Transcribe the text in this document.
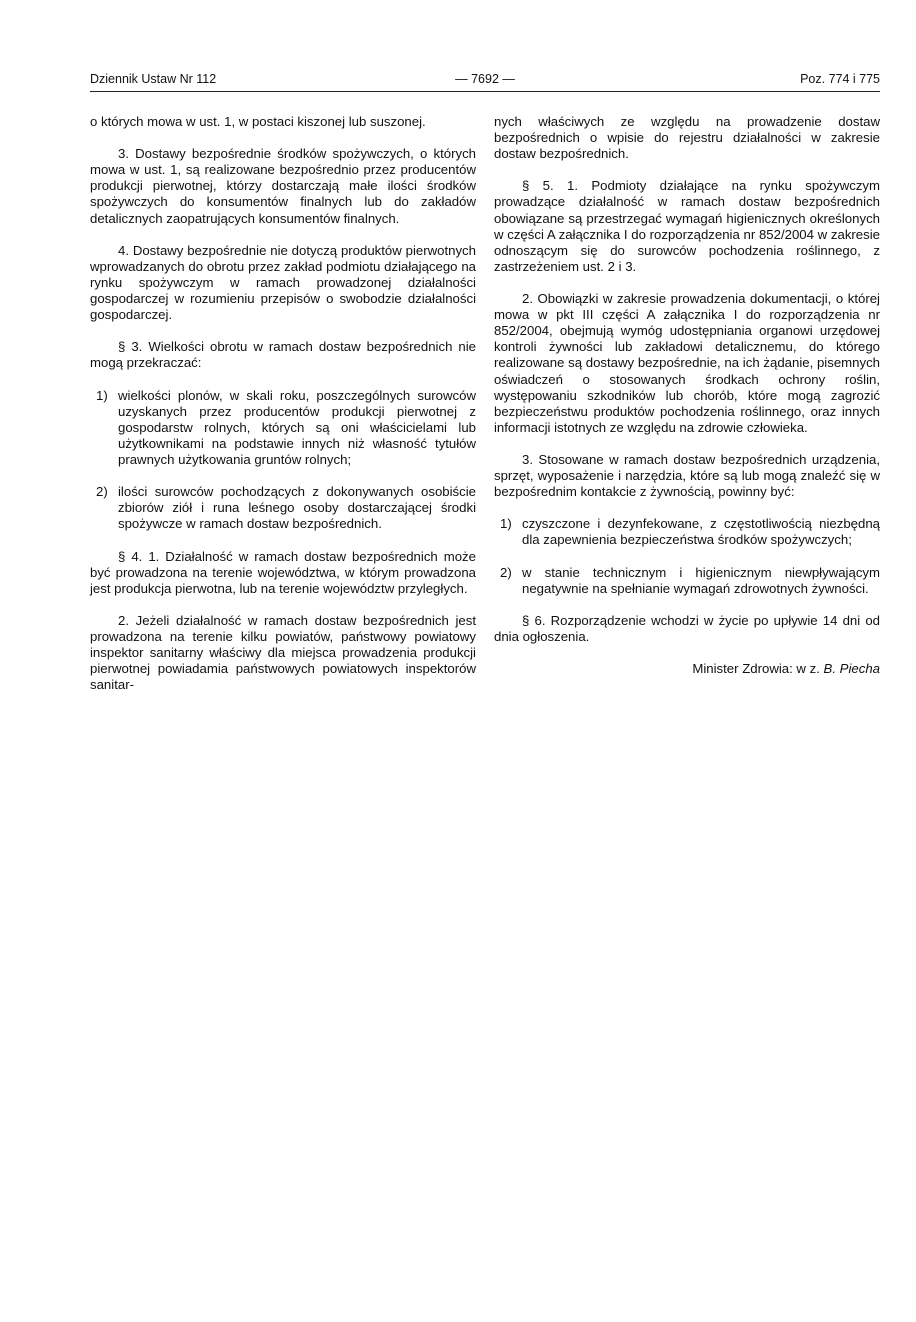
Dziennik Ustaw Nr 112	— 7692 —	Poz. 774 i 775

o których mowa w ust. 1, w postaci kiszonej lub suszonej.

3. Dostawy bezpośrednie środków spożywczych, o których mowa w ust. 1, są realizowane bezpośrednio przez producentów produkcji pierwotnej, którzy dostarczają małe ilości środków spożywczych do konsumentów finalnych lub do zakładów detalicznych zaopatrujących konsumentów finalnych.

4. Dostawy bezpośrednie nie dotyczą produktów pierwotnych wprowadzanych do obrotu przez zakład podmiotu działającego na rynku spożywczym w ramach prowadzonej działalności gospodarczej w rozumieniu przepisów o swobodzie działalności gospodarczej.

§ 3. Wielkości obrotu w ramach dostaw bezpośrednich nie mogą przekraczać:

1) wielkości plonów, w skali roku, poszczególnych surowców uzyskanych przez producentów produkcji pierwotnej z gospodarstw rolnych, których są oni właścicielami lub użytkownikami na podstawie innych niż własność tytułów prawnych użytkowania gruntów rolnych;
2) ilości surowców pochodzących z dokonywanych osobiście zbiorów ziół i runa leśnego osoby dostarczającej środki spożywcze w ramach dostaw bezpośrednich.

§ 4. 1. Działalność w ramach dostaw bezpośrednich może być prowadzona na terenie województwa, w którym prowadzona jest produkcja pierwotna, lub na terenie województw przyległych.

2. Jeżeli działalność w ramach dostaw bezpośrednich jest prowadzona na terenie kilku powiatów, państwowy powiatowy inspektor sanitarny właściwy dla miejsca prowadzenia produkcji pierwotnej powiadamia państwowych powiatowych inspektorów sanitar-

nych właściwych ze względu na prowadzenie dostaw bezpośrednich o wpisie do rejestru działalności w zakresie dostaw bezpośrednich.

§ 5. 1. Podmioty działające na rynku spożywczym prowadzące działalność w ramach dostaw bezpośrednich obowiązane są przestrzegać wymagań higienicznych określonych w części A załącznika I do rozporządzenia nr 852/2004 w zakresie odnoszącym się do surowców pochodzenia roślinnego, z zastrzeżeniem ust. 2 i 3.

2. Obowiązki w zakresie prowadzenia dokumentacji, o której mowa w pkt III części A załącznika I do rozporządzenia nr 852/2004, obejmują wymóg udostępniania organowi urzędowej kontroli żywności lub zakładowi detalicznemu, do którego realizowane są dostawy bezpośrednie, na ich żądanie, pisemnych oświadczeń o stosowanych środkach ochrony roślin, występowaniu szkodników lub chorób, które mogą zagrozić bezpieczeństwu produktów pochodzenia roślinnego, oraz innych informacji istotnych ze względu na zdrowie człowieka.

3. Stosowane w ramach dostaw bezpośrednich urządzenia, sprzęt, wyposażenie i narzędzia, które są lub mogą znaleźć się w bezpośrednim kontakcie z żywnością, powinny być:

1) czyszczone i dezynfekowane, z częstotliwością niezbędną dla zapewnienia bezpieczeństwa środków spożywczych;
2) w stanie technicznym i higienicznym niewpływającym negatywnie na spełnianie wymagań zdrowotnych żywności.

§ 6. Rozporządzenie wchodzi w życie po upływie 14 dni od dnia ogłoszenia.

Minister Zdrowia: w z. B. Piecha
